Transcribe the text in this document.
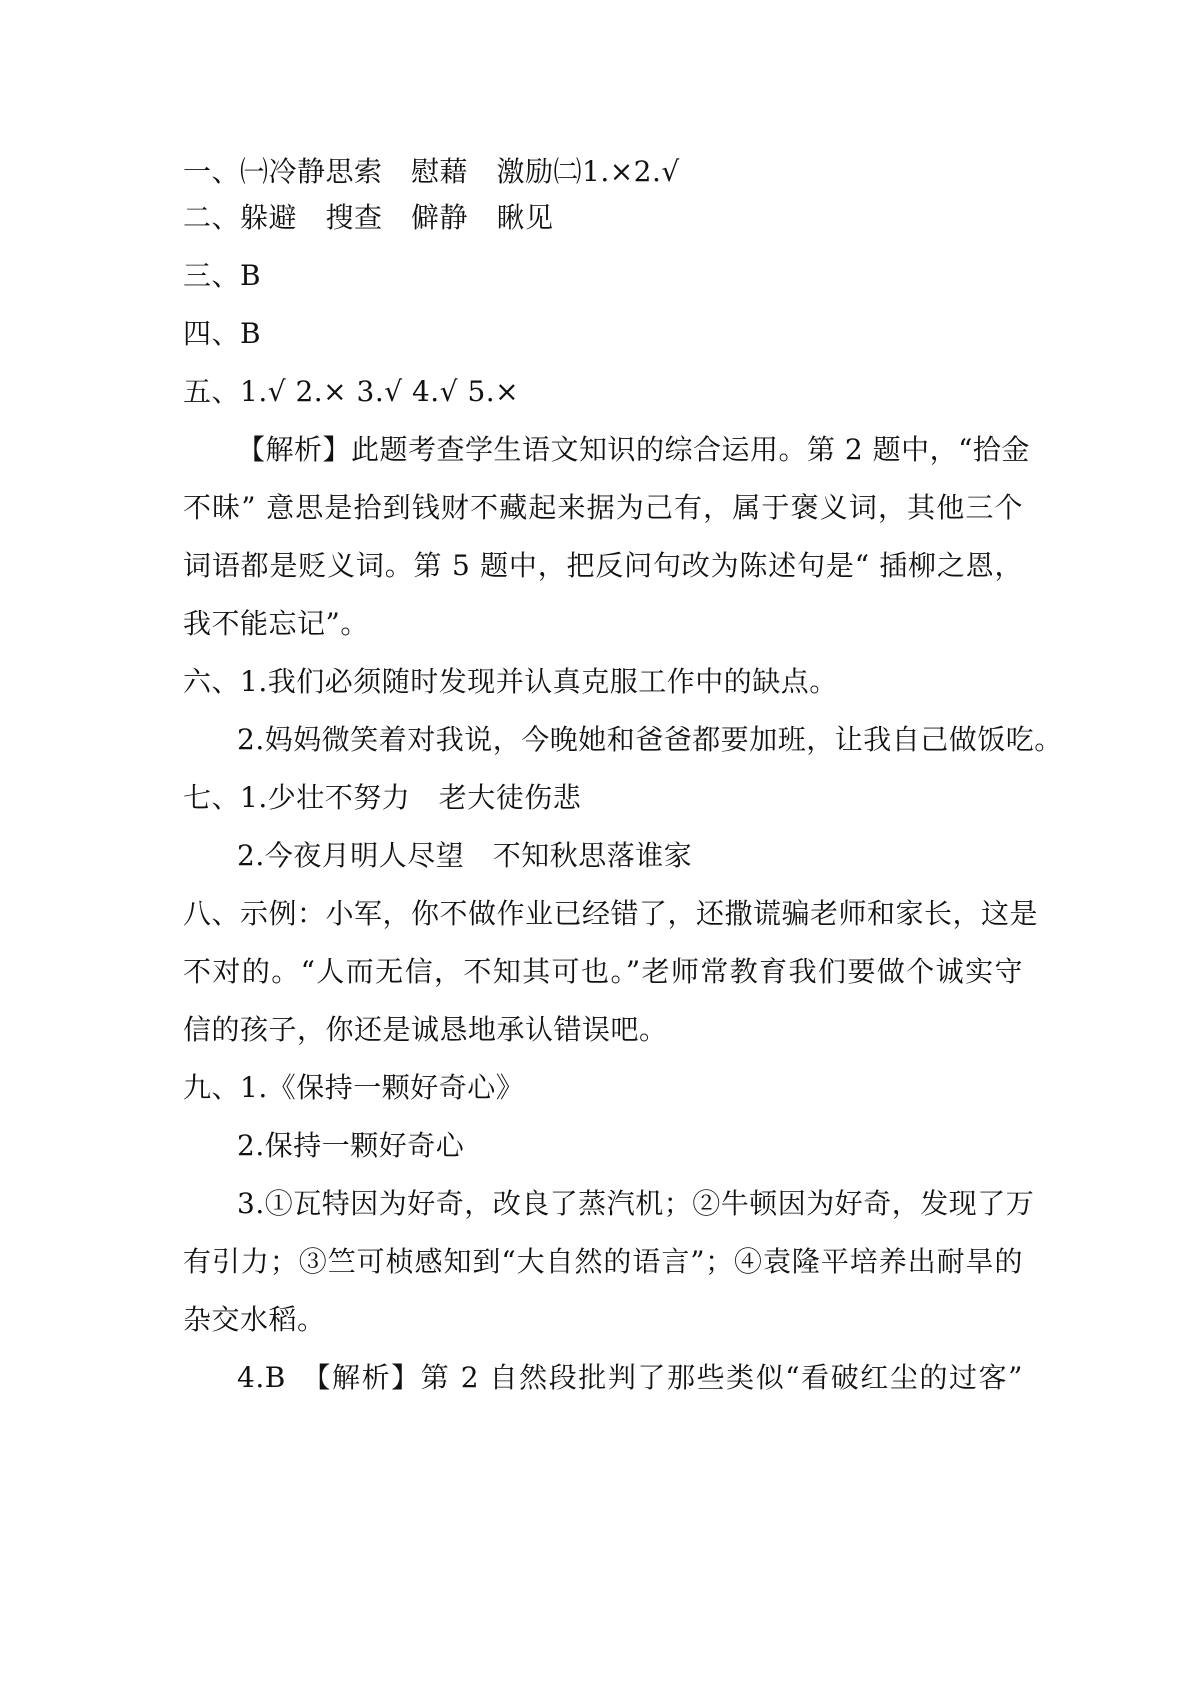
一、㈠冷静思索　慰藉　激励㈡1.×2.√
二、躲避　搜查　僻静　瞅见
三、B
四、B
五、1.√ 2.× 3.√ 4.√ 5.×
【解析】此题考查学生语文知识的综合运用。第 2 题中，“拾金
不昧” 意思是拾到钱财不藏起来据为己有，属于褒义词，其他三个
词语都是贬义词。第 5 题中，把反问句改为陈述句是“ 插柳之恩，
我不能忘记”。
六、1.我们必须随时发现并认真克服工作中的缺点。
2.妈妈微笑着对我说，今晚她和爸爸都要加班，让我自己做饭吃。
七、1.少壮不努力　老大徒伤悲
2.今夜月明人尽望　不知秋思落谁家
八、示例：小军，你不做作业已经错了，还撒谎骗老师和家长，这是
不对的。“人而无信，不知其可也。”老师常教育我们要做个诚实守
信的孩子，你还是诚恳地承认错误吧。
九、1.《保持一颗好奇心》
2.保持一颗好奇心
3.①瓦特因为好奇，改良了蒸汽机；②牛顿因为好奇，发现了万
有引力；③竺可桢感知到“大自然的语言”；④袁隆平培养出耐旱的
杂交水稻。
4.B　【解析】第 2 自然段批判了那些类似“看破红尘的过客”
